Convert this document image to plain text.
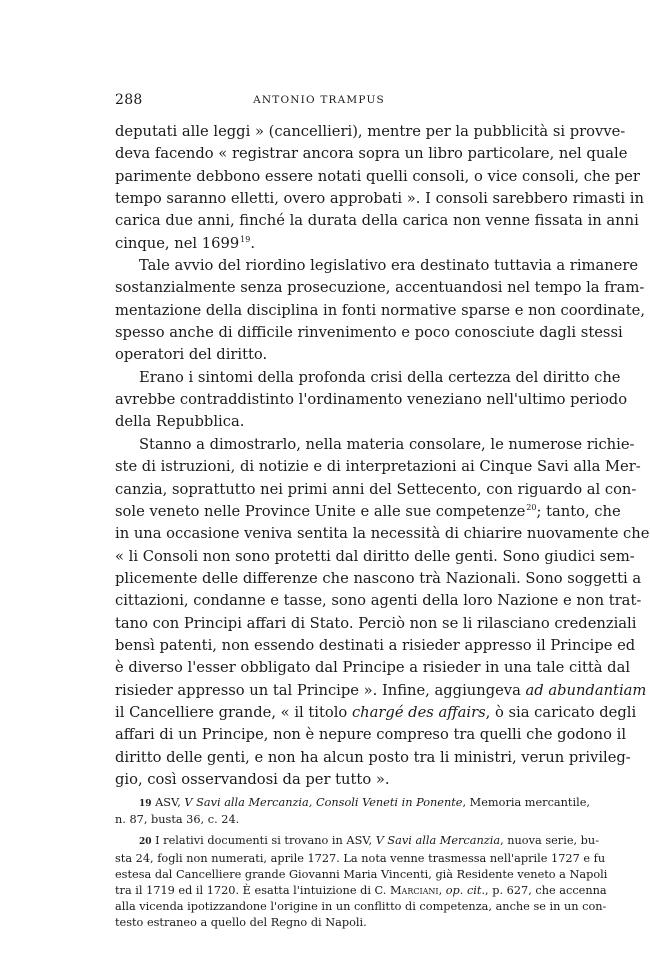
288	ANTONIO TRAMPUS

deputati alle leggi » (cancellieri), mentre per la pubblicità si provve-
deva facendo « registrar ancora sopra un libro particolare, nel quale
parimente debbono essere notati quelli consoli, o vice consoli, che per
tempo saranno elletti, overo approbati ». I consoli sarebbero rimasti in
carica due anni, finché la durata della carica non venne fissata in anni
cinque, nel 1699$^{19}$.

Tale avvio del riordino legislativo era destinato tuttavia a rimanere
sostanzialmente senza prosecuzione, accentuandosi nel tempo la fram-
mentazione della disciplina in fonti normative sparse e non coordinate,
spesso anche di difficile rinvenimento e poco conosciute dagli stessi
operatori del diritto.

Erano i sintomi della profonda crisi della certezza del diritto che
avrebbe contraddistinto l'ordinamento veneziano nell'ultimo periodo
della Repubblica.

Stanno a dimostrarlo, nella materia consolare, le numerose richie-
ste di istruzioni, di notizie e di interpretazioni ai Cinque Savi alla Mer-
canzia, soprattutto nei primi anni del Settecento, con riguardo al con-
sole veneto nelle Province Unite e alle sue competenze$^{20}$; tanto, che
in una occasione veniva sentita la necessità di chiarire nuovamente che
« li Consoli non sono protetti dal diritto delle genti. Sono giudici sem-
plicemente delle differenze che nascono trà Nazionali. Sono soggetti a
cittazioni, condanne e tasse, sono agenti della loro Nazione e non trat-
tano con Principi affari di Stato. Perciò non se li rilasciano credenziali
bensì patenti, non essendo destinati a risieder appresso il Principe ed
è diverso l'esser obbligato dal Principe a risieder in una tale città dal
risieder appresso un tal Principe ». Infine, aggiungeva ad abundantiam
il Cancelliere grande, « il titolo chargé des affairs, ò sia caricato degli
affari di un Principe, non è nepure compreso tra quelli che godono il
diritto delle genti, e non ha alcun posto tra li ministri, verun privileg-
gio, così osservandosi da per tutto ».

19 ASV, V Savi alla Mercanzia, Consoli Veneti in Ponente, Memoria mercantile,
n. 87, busta 36, c. 24.
20 I relativi documenti si trovano in ASV, V Savi alla Mercanzia, nuova serie, bu-
sta 24, fogli non numerati, aprile 1727. La nota venne trasmessa nell'aprile 1727 e fu
estesa dal Cancelliere grande Giovanni Maria Vincenti, già Residente veneto a Napoli
tra il 1719 ed il 1720. È esatta l'intuizione di C. Marciani, op. cit., p. 627, che accenna
alla vicenda ipotizzandone l'origine in un conflitto di competenza, anche se in un con-
testo estraneo a quello del Regno di Napoli.
